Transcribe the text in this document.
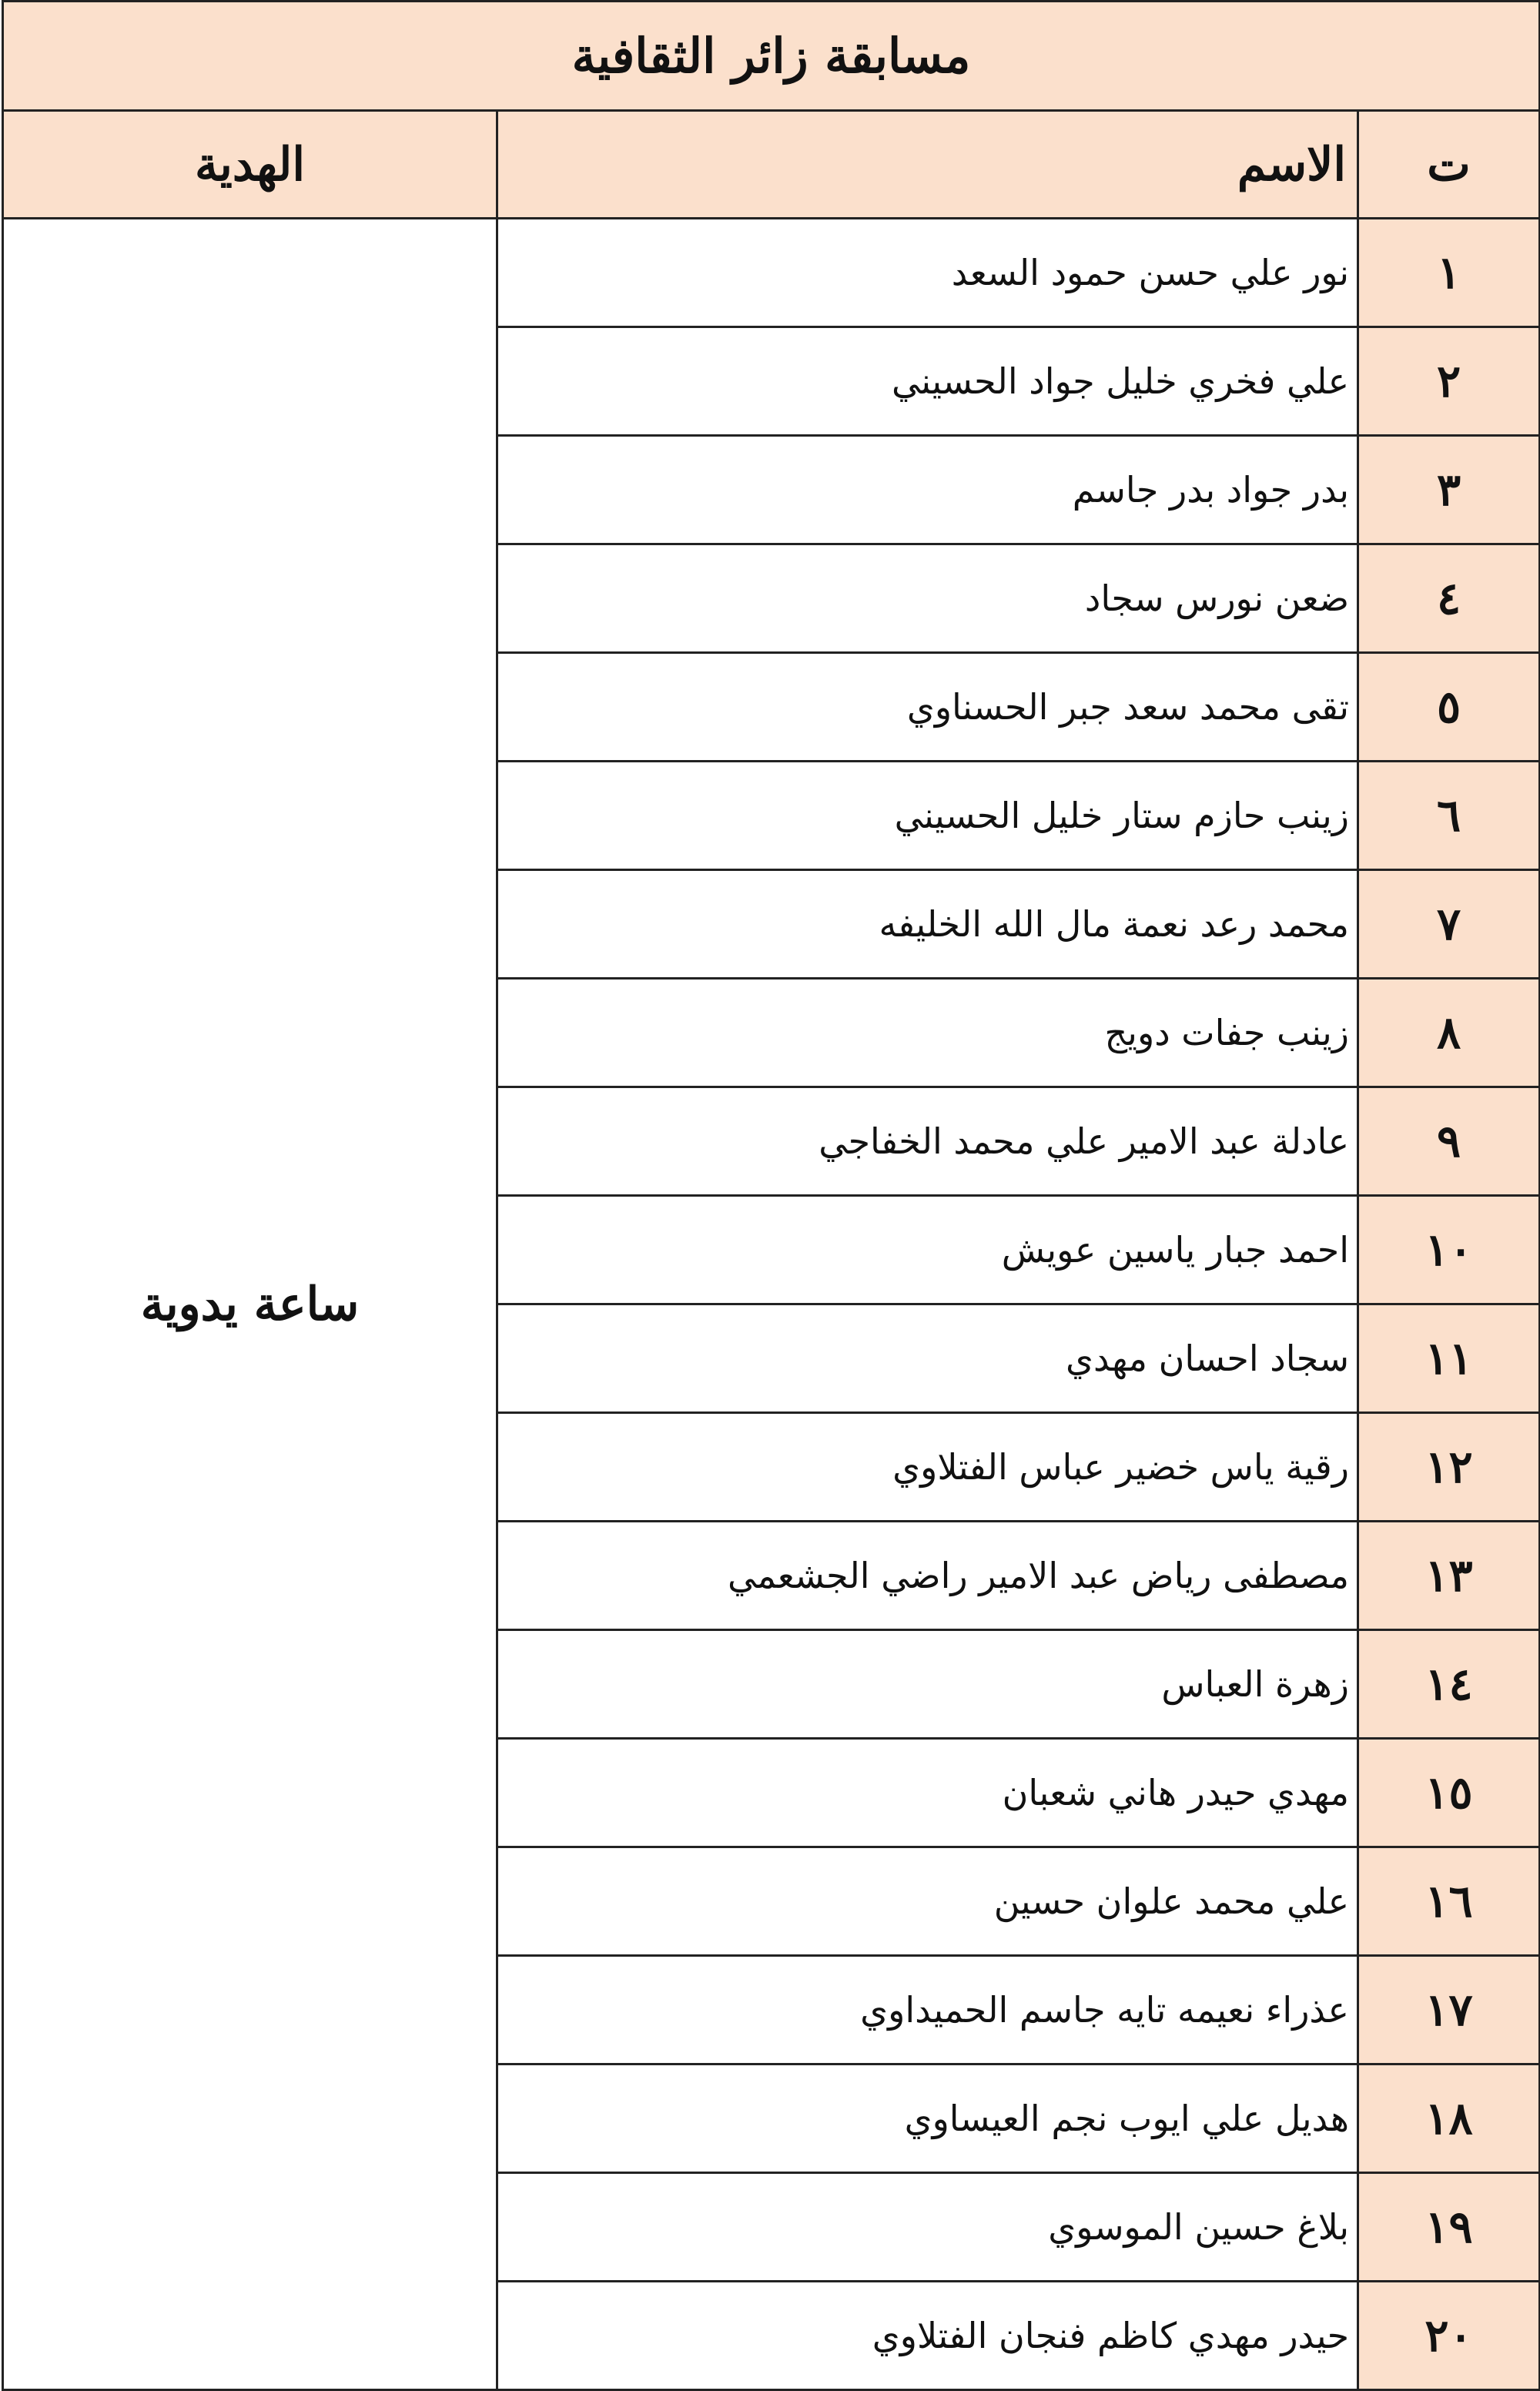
مسابقة زائر الثقافية		
ت	الاسم	الهدية
١	نور علي حسن حمود السعد	ساعة يدوية
٢	علي فخري خليل جواد الحسيني	
٣	بدر جواد بدر جاسم	
٤	ضعن نورس سجاد	
٥	تقى محمد سعد جبر الحسناوي	
٦	زينب حازم ستار خليل الحسيني	
٧	محمد رعد نعمة مال الله الخليفه	
٨	زينب جفات دويج	
٩	عادلة عبد الامير علي محمد الخفاجي	
١٠	احمد جبار ياسين عويش	
١١	سجاد احسان مهدي	
١٢	رقية ياس خضير عباس الفتلاوي	
١٣	مصطفى رياض عبد الامير راضي الجشعمي	
١٤	زهرة العباس	
١٥	مهدي حيدر هاني شعبان	
١٦	علي محمد علوان حسين	
١٧	عذراء نعيمه تايه جاسم الحميداوي	
١٨	هديل علي ايوب نجم العيساوي	
١٩	بلاغ حسين الموسوي	
٢٠	حيدر مهدي كاظم فنجان الفتلاوي	
